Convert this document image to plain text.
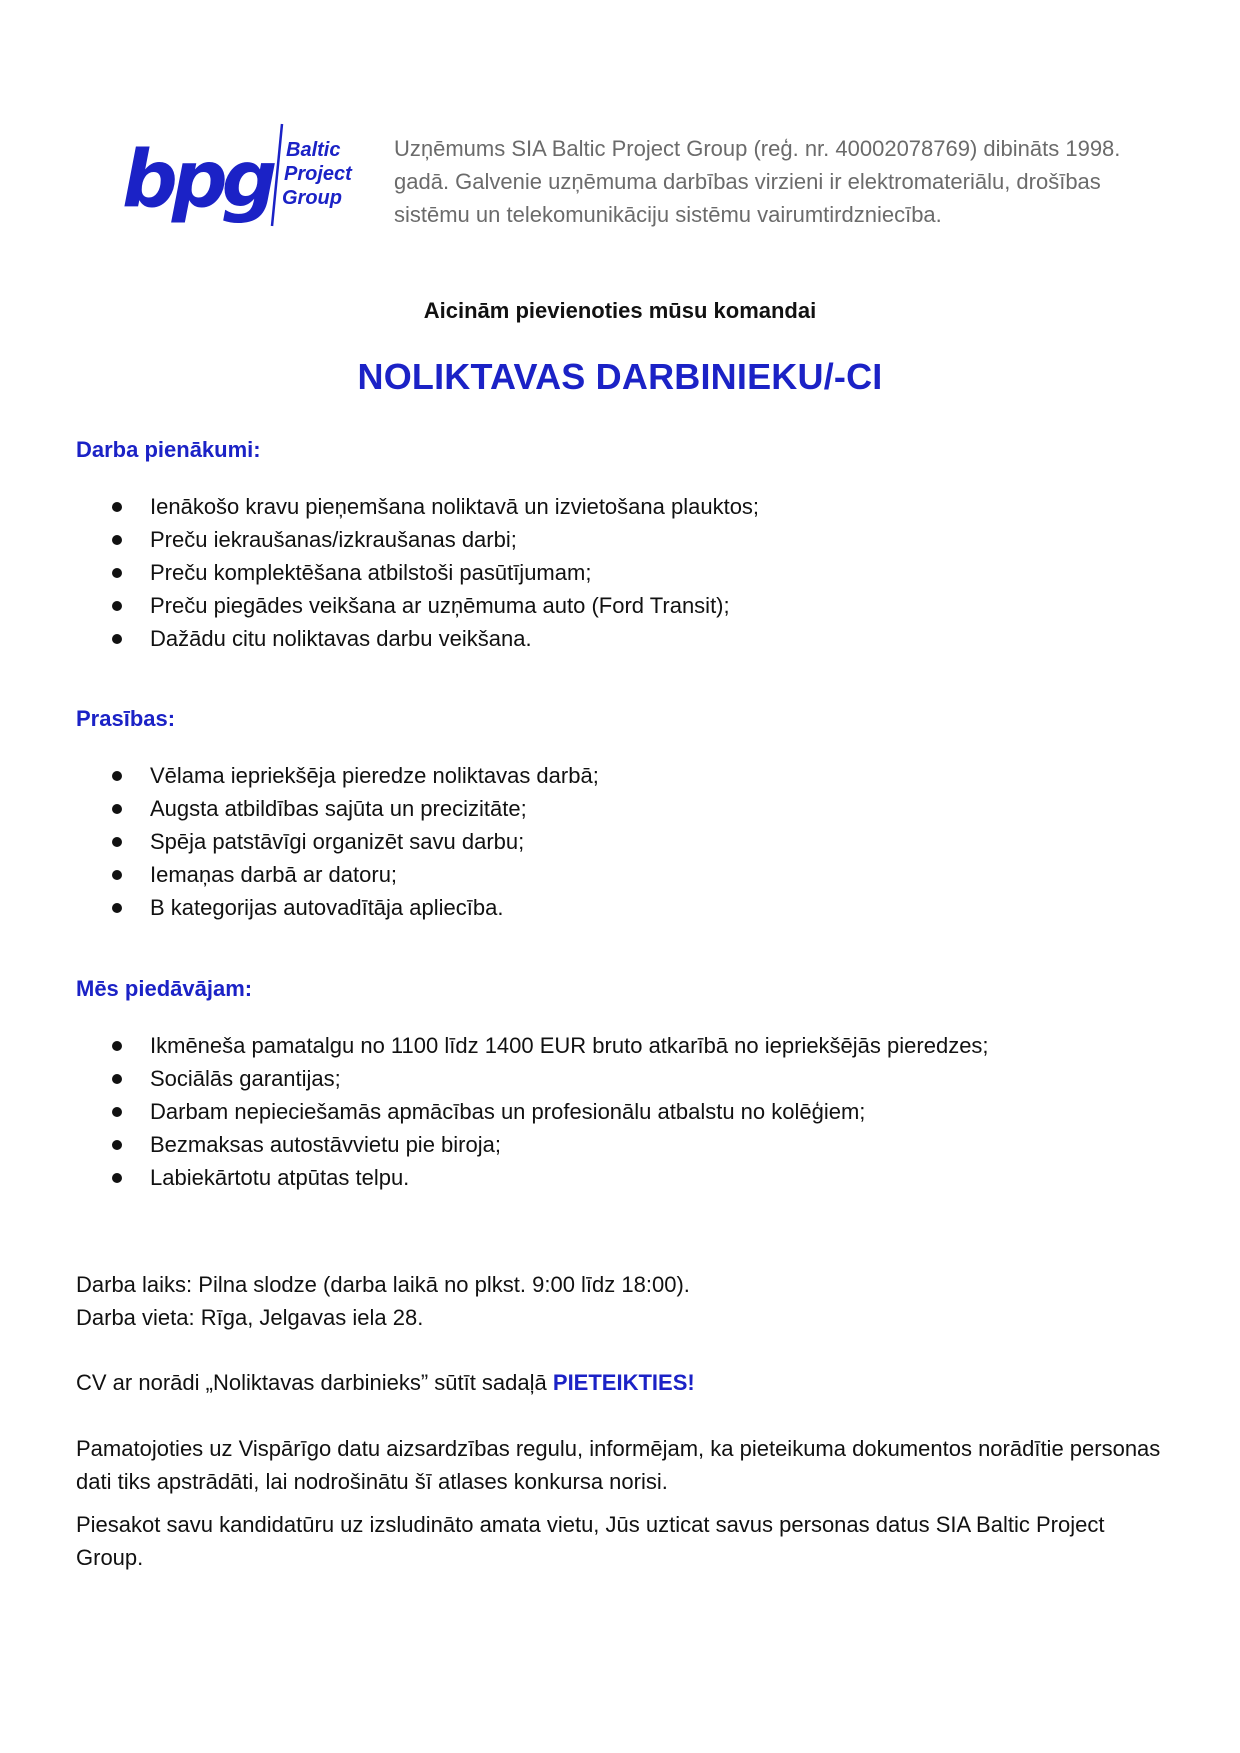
bpg Baltic
Project
Group

Uzņēmums SIA Baltic Project Group (reģ. nr. 40002078769) dibināts 1998. gadā. Galvenie uzņēmuma darbības virzieni ir elektromateriālu, drošības sistēmu un telekomunikāciju sistēmu vairumtirdzniecība.

Aicinām pievienoties mūsu komandai

NOLIKTAVAS DARBINIEKU/-CI
Darba pienākumi:
Ienākošo kravu pieņemšana noliktavā un izvietošana plauktos;
Preču iekraušanas/izkraušanas darbi;
Preču komplektēšana atbilstoši pasūtījumam;
Preču piegādes veikšana ar uzņēmuma auto (Ford Transit);
Dažādu citu noliktavas darbu veikšana.
Prasības:
Vēlama iepriekšēja pieredze noliktavas darbā;
Augsta atbildības sajūta un precizitāte;
Spēja patstāvīgi organizēt savu darbu;
Iemaņas darbā ar datoru;
B kategorijas autovadītāja apliecība.
Mēs piedāvājam:
Ikmēneša pamatalgu no 1100 līdz 1400 EUR bruto atkarībā no iepriekšējās pieredzes;
Sociālās garantijas;
Darbam nepieciešamās apmācības un profesionālu atbalstu no kolēģiem;
Bezmaksas autostāvvietu pie biroja;
Labiekārtotu atpūtas telpu.

Darba laiks: Pilna slodze (darba laikā no plkst. 9:00 līdz 18:00).

Darba vieta: Rīga, Jelgavas iela 28.

CV ar norādi „Noliktavas darbinieks” sūtīt sadaļā PIETEIKTIES!

Pamatojoties uz Vispārīgo datu aizsardzības regulu, informējam, ka pieteikuma dokumentos norādītie personas dati tiks apstrādāti, lai nodrošinātu šī atlases konkursa norisi.

Piesakot savu kandidatūru uz izsludināto amata vietu, Jūs uzticat savus personas datus SIA Baltic Project Group.
